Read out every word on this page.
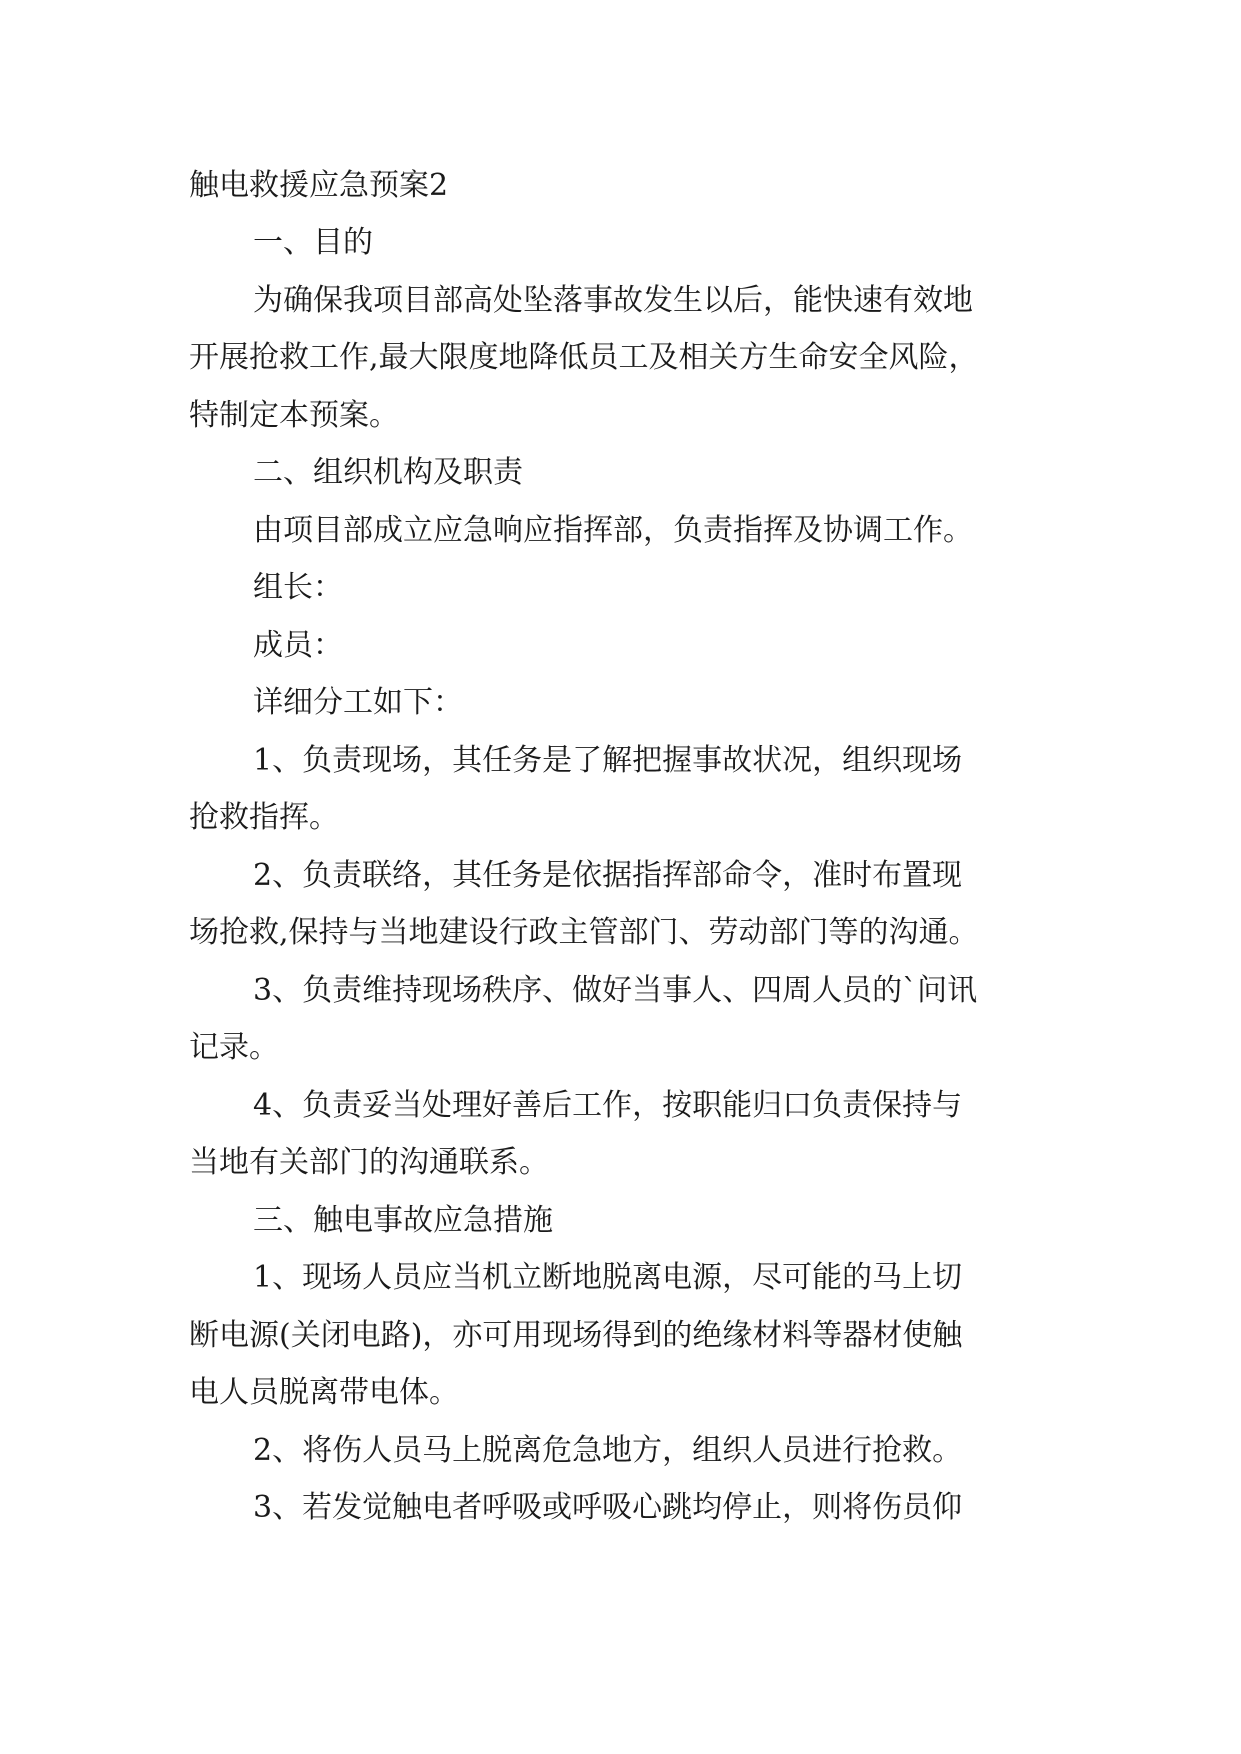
触电救援应急预案2
一、目的
为确保我项目部高处坠落事故发生以后，能快速有效地
开展抢救工作,最大限度地降低员工及相关方生命安全风险，
特制定本预案。
二、组织机构及职责
由项目部成立应急响应指挥部，负责指挥及协调工作。
组长：
成员：
详细分工如下：
1、负责现场，其任务是了解把握事故状况，组织现场
抢救指挥。
2、负责联络，其任务是依据指挥部命令，准时布置现
场抢救,保持与当地建设行政主管部门、劳动部门等的沟通。
3、负责维持现场秩序、做好当事人、四周人员的`问讯
记录。
4、负责妥当处理好善后工作，按职能归口负责保持与
当地有关部门的沟通联系。
三、触电事故应急措施
1、现场人员应当机立断地脱离电源，尽可能的马上切
断电源(关闭电路)，亦可用现场得到的绝缘材料等器材使触
电人员脱离带电体。
2、将伤人员马上脱离危急地方，组织人员进行抢救。
3、若发觉触电者呼吸或呼吸心跳均停止，则将伤员仰
